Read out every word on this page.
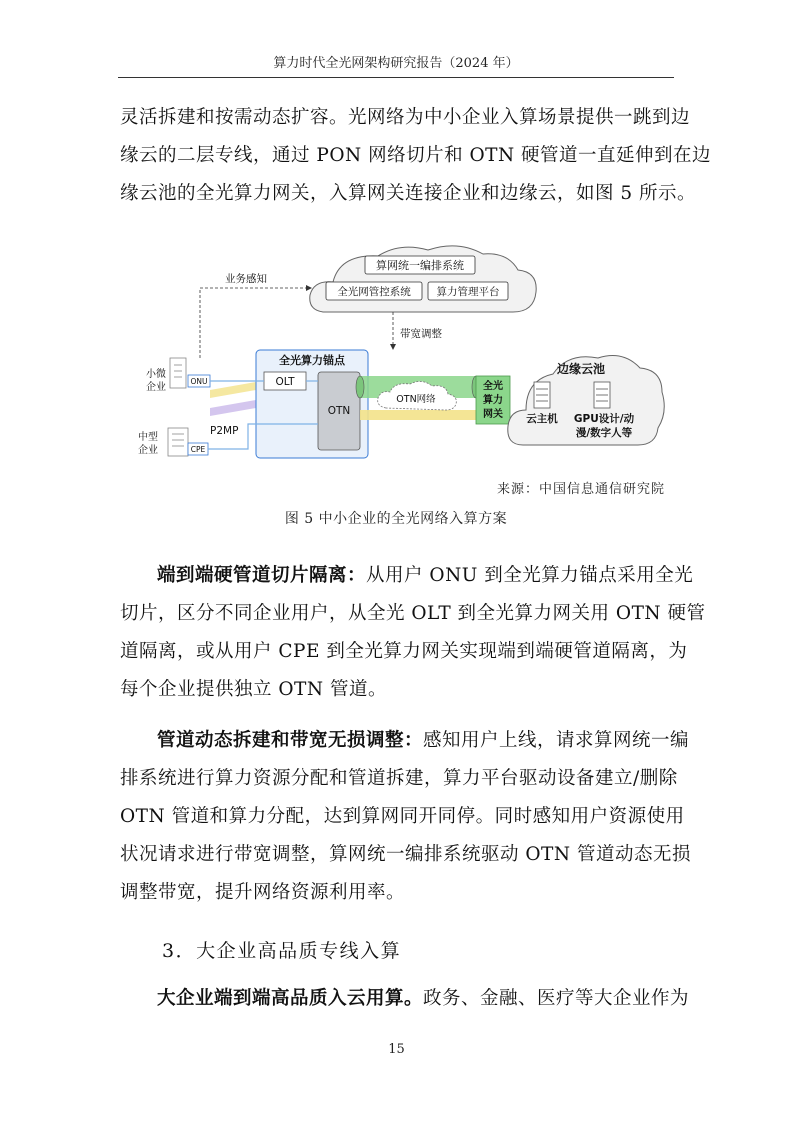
算力时代全光网架构研究报告（2024 年）
灵活拆建和按需动态扩容。光网络为中小企业入算场景提供一跳到边
缘云的二层专线，通过 PON 网络切片和 OTN 硬管道一直延伸到在边
缘云池的全光算力网关，入算网关连接企业和边缘云，如图 5 所示。
算网统一编排系统
全光网管控系统 算力管理平台
业务感知
带宽调整
小微
企业
ONU
中型
企业	CPE
P2MP
全光算力锚点
OLT
OTN
OTN网络
全光
算力
网关
边缘云池
云主机 GPU设计/动
漫/数字人等
来源：中国信息通信研究院
图 5 中小企业的全光网络入算方案
端到端硬管道切片隔离：从用户 ONU 到全光算力锚点采用全光
切片，区分不同企业用户，从全光 OLT 到全光算力网关用 OTN 硬管
道隔离，或从用户 CPE 到全光算力网关实现端到端硬管道隔离，为
每个企业提供独立 OTN 管道。
管道动态拆建和带宽无损调整：感知用户上线，请求算网统一编
排系统进行算力资源分配和管道拆建，算力平台驱动设备建立/删除
OTN 管道和算力分配，达到算网同开同停。同时感知用户资源使用
状况请求进行带宽调整，算网统一编排系统驱动 OTN 管道动态无损
调整带宽，提升网络资源利用率。
3．大企业高品质专线入算
大企业端到端高品质入云用算。政务、金融、医疗等大企业作为
15
